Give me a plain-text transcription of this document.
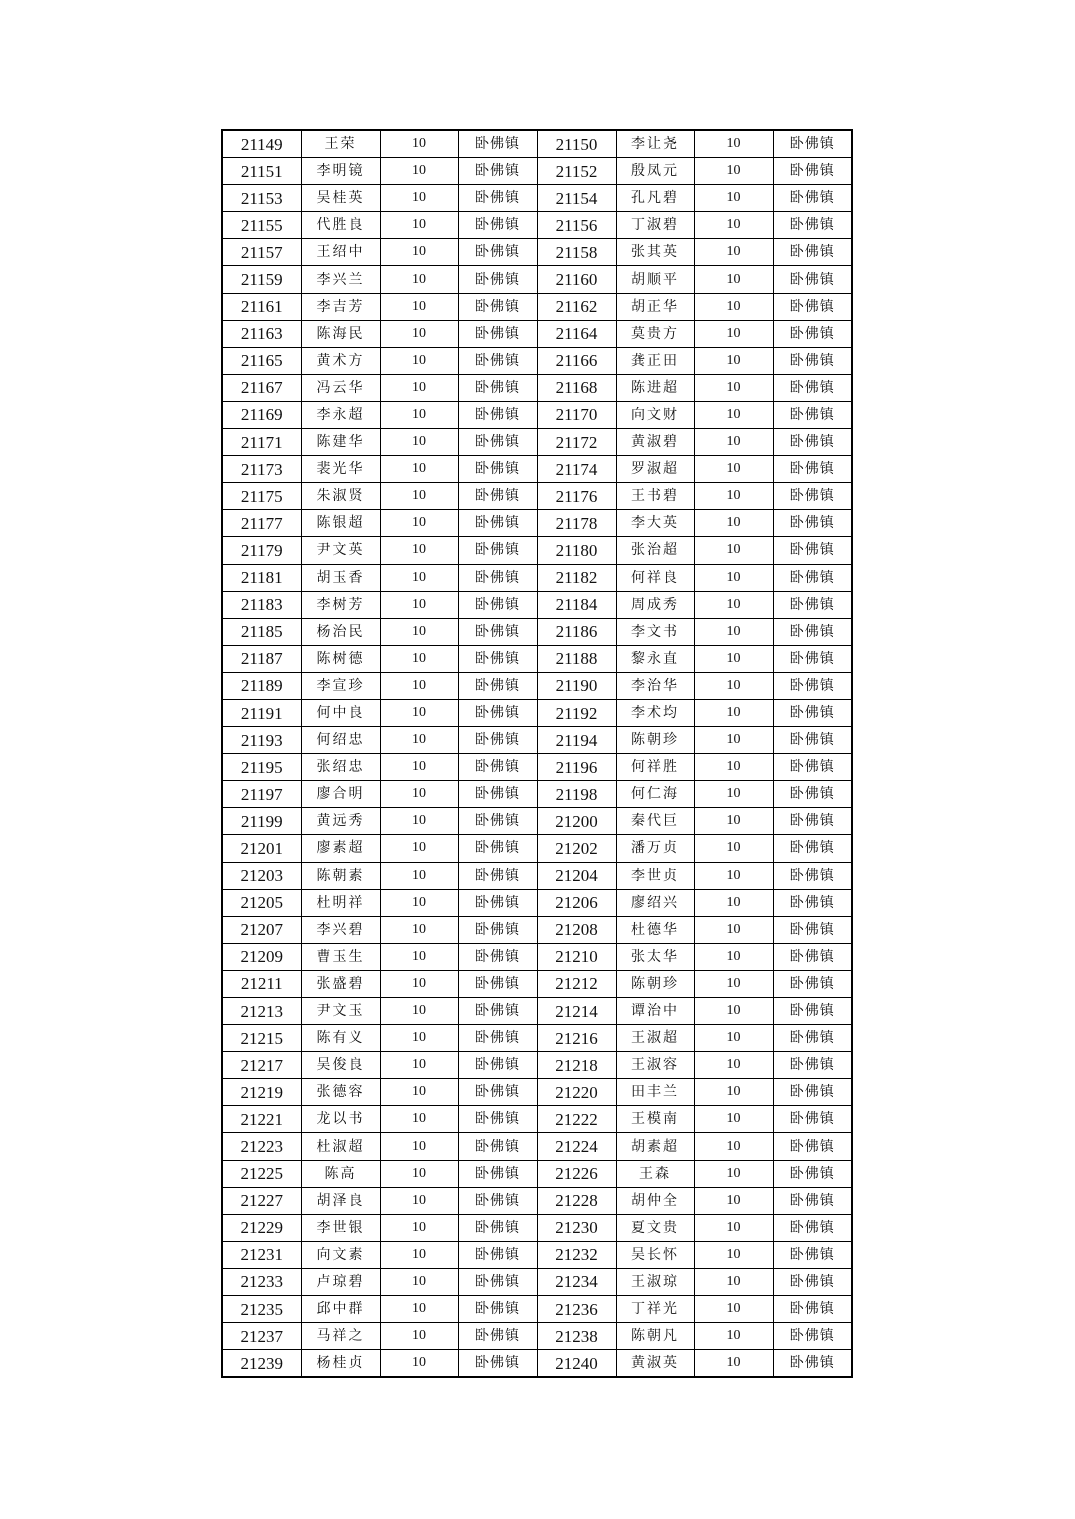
21149	王荣	10	卧佛镇	21150	李让尧	10	卧佛镇
21151	李明镜	10	卧佛镇	21152	殷凤元	10	卧佛镇
21153	吴桂英	10	卧佛镇	21154	孔凡碧	10	卧佛镇
21155	代胜良	10	卧佛镇	21156	丁淑碧	10	卧佛镇
21157	王绍中	10	卧佛镇	21158	张其英	10	卧佛镇
21159	李兴兰	10	卧佛镇	21160	胡顺平	10	卧佛镇
21161	李吉芳	10	卧佛镇	21162	胡正华	10	卧佛镇
21163	陈海民	10	卧佛镇	21164	莫贵方	10	卧佛镇
21165	黄术方	10	卧佛镇	21166	龚正田	10	卧佛镇
21167	冯云华	10	卧佛镇	21168	陈进超	10	卧佛镇
21169	李永超	10	卧佛镇	21170	向文财	10	卧佛镇
21171	陈建华	10	卧佛镇	21172	黄淑碧	10	卧佛镇
21173	裴光华	10	卧佛镇	21174	罗淑超	10	卧佛镇
21175	朱淑贤	10	卧佛镇	21176	王书碧	10	卧佛镇
21177	陈银超	10	卧佛镇	21178	李大英	10	卧佛镇
21179	尹文英	10	卧佛镇	21180	张治超	10	卧佛镇
21181	胡玉香	10	卧佛镇	21182	何祥良	10	卧佛镇
21183	李树芳	10	卧佛镇	21184	周成秀	10	卧佛镇
21185	杨治民	10	卧佛镇	21186	李文书	10	卧佛镇
21187	陈树德	10	卧佛镇	21188	黎永直	10	卧佛镇
21189	李宣珍	10	卧佛镇	21190	李治华	10	卧佛镇
21191	何中良	10	卧佛镇	21192	李术均	10	卧佛镇
21193	何绍忠	10	卧佛镇	21194	陈朝珍	10	卧佛镇
21195	张绍忠	10	卧佛镇	21196	何祥胜	10	卧佛镇
21197	廖合明	10	卧佛镇	21198	何仁海	10	卧佛镇
21199	黄远秀	10	卧佛镇	21200	秦代巨	10	卧佛镇
21201	廖素超	10	卧佛镇	21202	潘万贞	10	卧佛镇
21203	陈朝素	10	卧佛镇	21204	李世贞	10	卧佛镇
21205	杜明祥	10	卧佛镇	21206	廖绍兴	10	卧佛镇
21207	李兴碧	10	卧佛镇	21208	杜德华	10	卧佛镇
21209	曹玉生	10	卧佛镇	21210	张太华	10	卧佛镇
21211	张盛碧	10	卧佛镇	21212	陈朝珍	10	卧佛镇
21213	尹文玉	10	卧佛镇	21214	谭治中	10	卧佛镇
21215	陈有义	10	卧佛镇	21216	王淑超	10	卧佛镇
21217	吴俊良	10	卧佛镇	21218	王淑容	10	卧佛镇
21219	张德容	10	卧佛镇	21220	田丰兰	10	卧佛镇
21221	龙以书	10	卧佛镇	21222	王模南	10	卧佛镇
21223	杜淑超	10	卧佛镇	21224	胡素超	10	卧佛镇
21225	陈高	10	卧佛镇	21226	王森	10	卧佛镇
21227	胡泽良	10	卧佛镇	21228	胡仲全	10	卧佛镇
21229	李世银	10	卧佛镇	21230	夏文贵	10	卧佛镇
21231	向文素	10	卧佛镇	21232	吴长怀	10	卧佛镇
21233	卢琼碧	10	卧佛镇	21234	王淑琼	10	卧佛镇
21235	邱中群	10	卧佛镇	21236	丁祥光	10	卧佛镇
21237	马祥之	10	卧佛镇	21238	陈朝凡	10	卧佛镇
21239	杨桂贞	10	卧佛镇	21240	黄淑英	10	卧佛镇
